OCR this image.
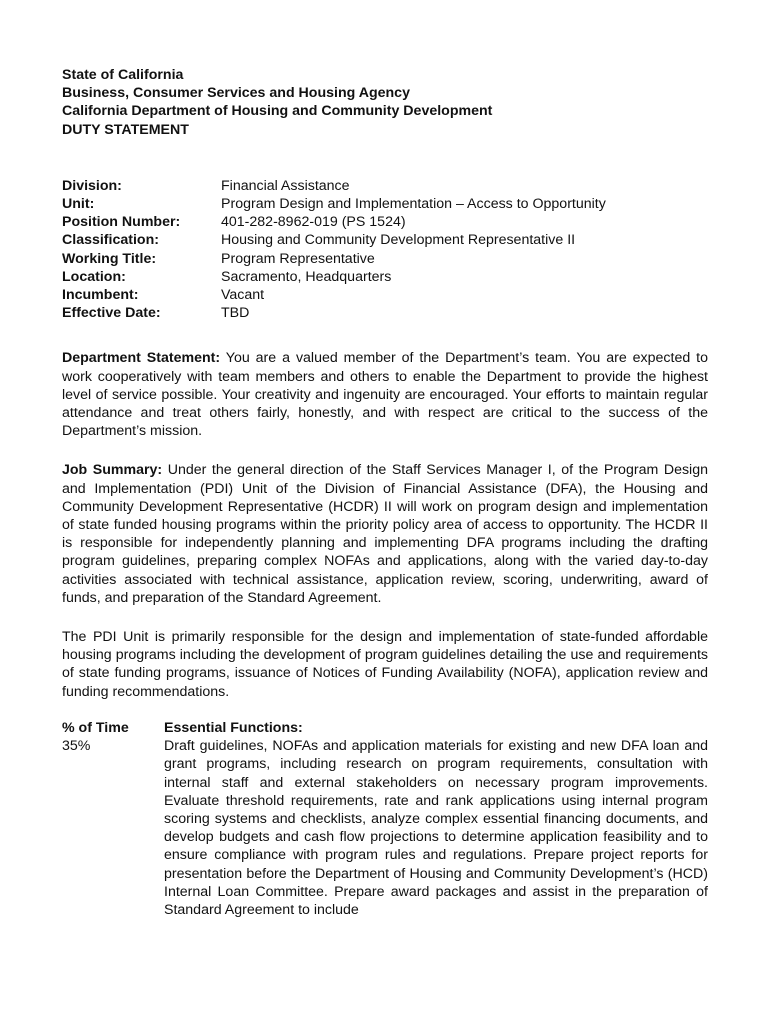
State of California
Business, Consumer Services and Housing Agency
California Department of Housing and Community Development
DUTY STATEMENT
Division:	Financial Assistance
Unit:	Program Design and Implementation – Access to Opportunity
Position Number:	401-282-8962-019 (PS 1524)
Classification:	Housing and Community Development Representative II
Working Title:	Program Representative
Location:	Sacramento, Headquarters
Incumbent:	Vacant
Effective Date:	TBD
Department Statement: You are a valued member of the Department’s team. You are expected to work cooperatively with team members and others to enable the Department to provide the highest level of service possible. Your creativity and ingenuity are encouraged. Your efforts to maintain regular attendance and treat others fairly, honestly, and with respect are critical to the success of the Department’s mission.
Job Summary: Under the general direction of the Staff Services Manager I, of the Program Design and Implementation (PDI) Unit of the Division of Financial Assistance (DFA), the Housing and Community Development Representative (HCDR) II will work on program design and implementation of state funded housing programs within the priority policy area of access to opportunity. The HCDR II is responsible for independently planning and implementing DFA programs including the drafting program guidelines, preparing complex NOFAs and applications, along with the varied day-to-day activities associated with technical assistance, application review, scoring, underwriting, award of funds, and preparation of the Standard Agreement.
The PDI Unit is primarily responsible for the design and implementation of state-funded affordable housing programs including the development of program guidelines detailing the use and requirements of state funding programs, issuance of Notices of Funding Availability (NOFA), application review and funding recommendations.
% of Time	Essential Functions:
35%	Draft guidelines, NOFAs and application materials for existing and new DFA loan and grant programs, including research on program requirements, consultation with internal staff and external stakeholders on necessary program improvements. Evaluate threshold requirements, rate and rank applications using internal program scoring systems and checklists, analyze complex essential financing documents, and develop budgets and cash flow projections to determine application feasibility and to ensure compliance with program rules and regulations. Prepare project reports for presentation before the Department of Housing and Community Development’s (HCD) Internal Loan Committee. Prepare award packages and assist in the preparation of Standard Agreement to include
